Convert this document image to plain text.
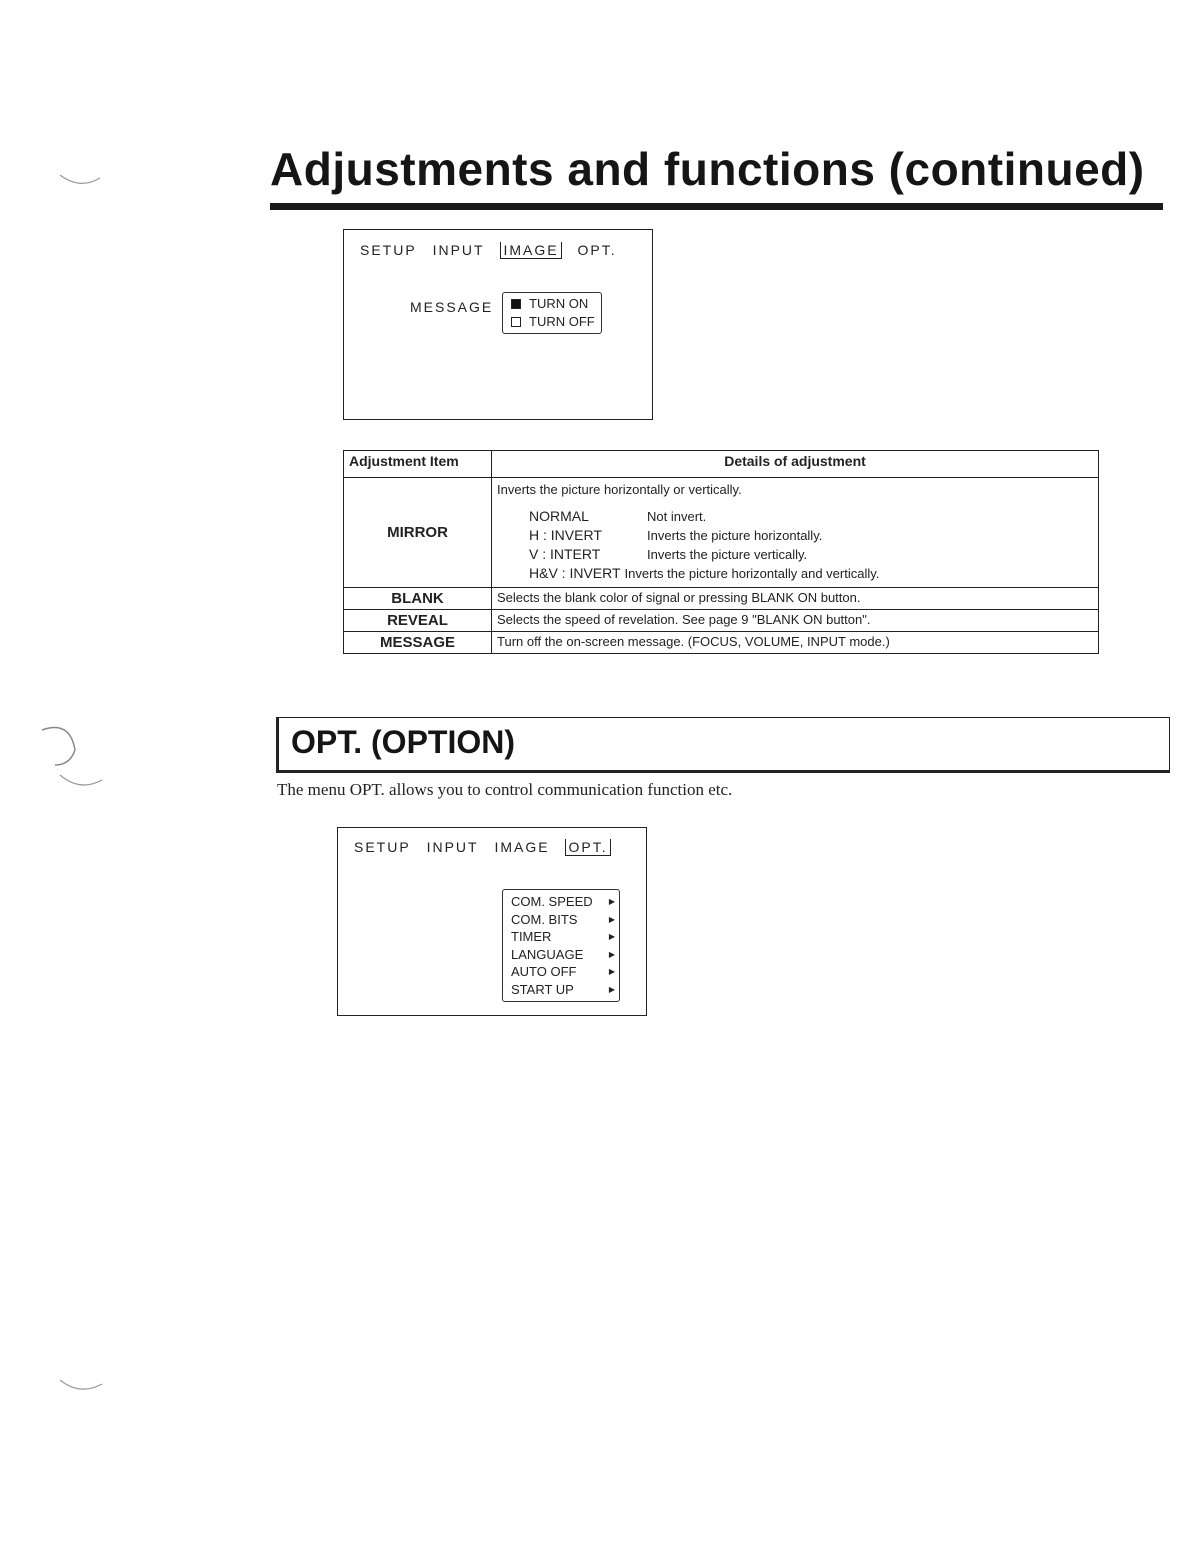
Adjustments and functions (continued)
SETUP INPUT IMAGE OPT.
MESSAGE	TURN ON
TURN OFF
Adjustment Item	Details of adjustment
MIRROR	Inverts the picture horizontally or vertically.
NORMAL Not invert.
H : INVERT Inverts the picture horizontally.
V : INTERT Inverts the picture vertically.
H&V : INVERT Inverts the picture horizontally and vertically.

BLANK	Selects the blank color of signal or pressing BLANK ON button.
REVEAL	Selects the speed of revelation. See page 9 "BLANK ON button".
MESSAGE	Turn off the on-screen message. (FOCUS, VOLUME, INPUT mode.)
OPT. (OPTION)
The menu OPT. allows you to control communication function etc.
SETUP INPUT IMAGE OPT.
COM. SPEED ▶
COM. BITS	▶
TIMER	▶
LANGUAGE	▶
AUTO OFF	▶
START UP	▶
